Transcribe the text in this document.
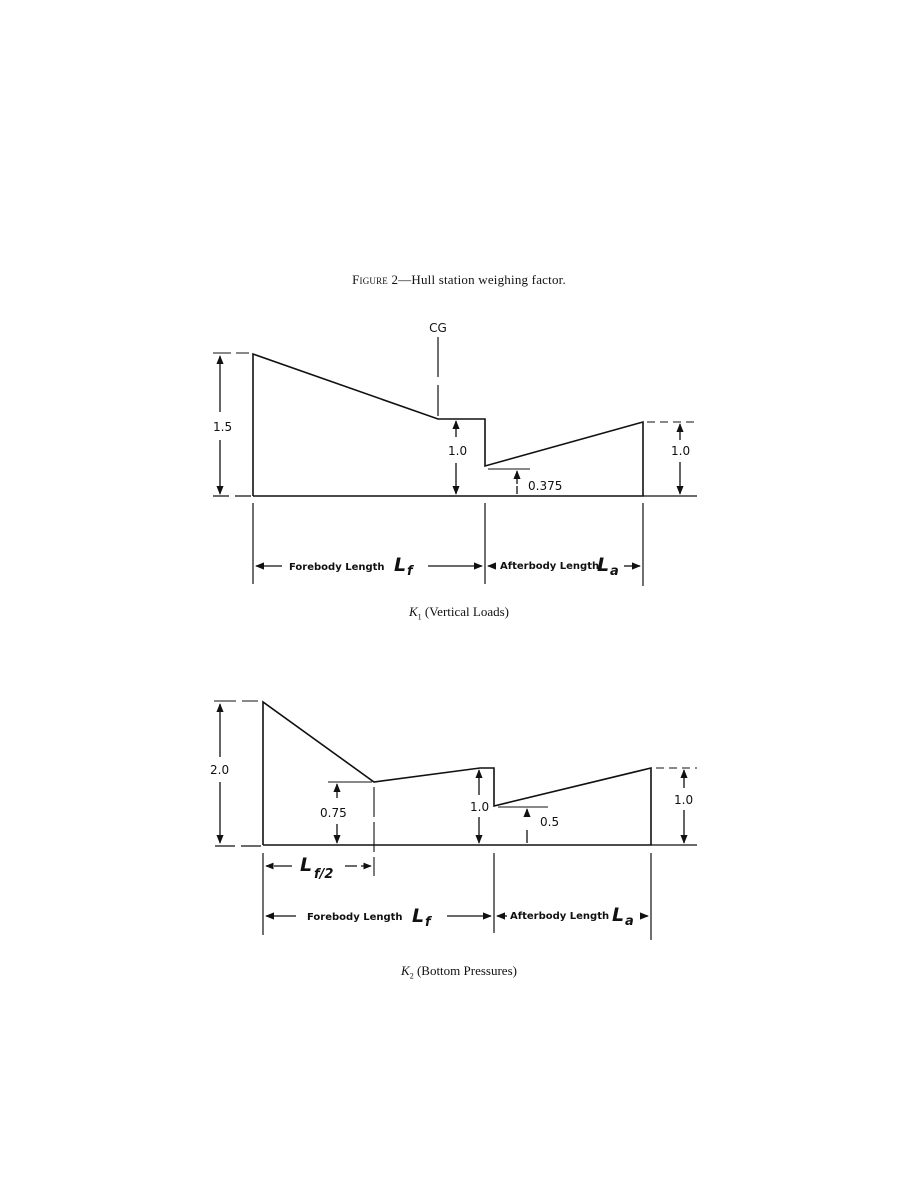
Figure 2—Hull station weighing factor.
CG
1.5
1.0
0.375
1.0
Forebody Length L f	Afterbody Length
L a
2.0
0.75	1.0
0.5
1.0
L f/2
Forebody Length L f	Afterbody Length L a
$K_1$ (Vertical Loads)
$K_2$ (Bottom Pressures)
